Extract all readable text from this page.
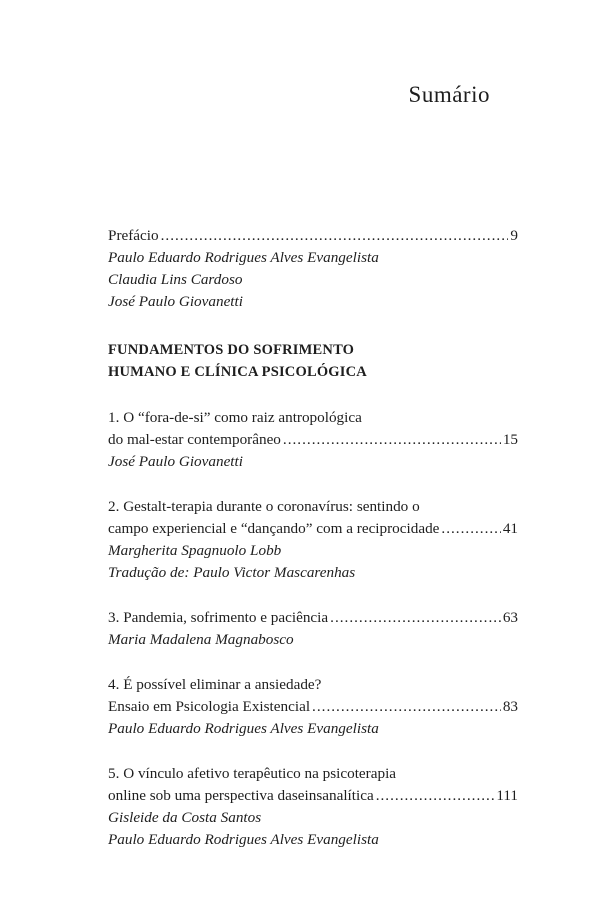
Sumário
Prefácio .....	9
Paulo Eduardo Rodrigues Alves Evangelista
Claudia Lins Cardoso
José Paulo Giovanetti
FUNDAMENTOS DO SOFRIMENTO
HUMANO E CLÍNICA PSICOLÓGICA
1. O “fora-de-si” como raiz antropológica
do mal-estar contemporâneo .....	15
José Paulo Giovanetti
2. Gestalt-terapia durante o coronavírus: sentindo o
campo experiencial e “dançando” com a reciprocidade .....	41
Margherita Spagnuolo Lobb
Tradução de: Paulo Victor Mascarenhas
3. Pandemia, sofrimento e paciência .....	63
Maria Madalena Magnabosco
4. É possível eliminar a ansiedade?
Ensaio em Psicologia Existencial .....	83
Paulo Eduardo Rodrigues Alves Evangelista
5. O vínculo afetivo terapêutico na psicoterapia
online sob uma perspectiva daseinsanalítica .....	111
Gisleide da Costa Santos
Paulo Eduardo Rodrigues Alves Evangelista
